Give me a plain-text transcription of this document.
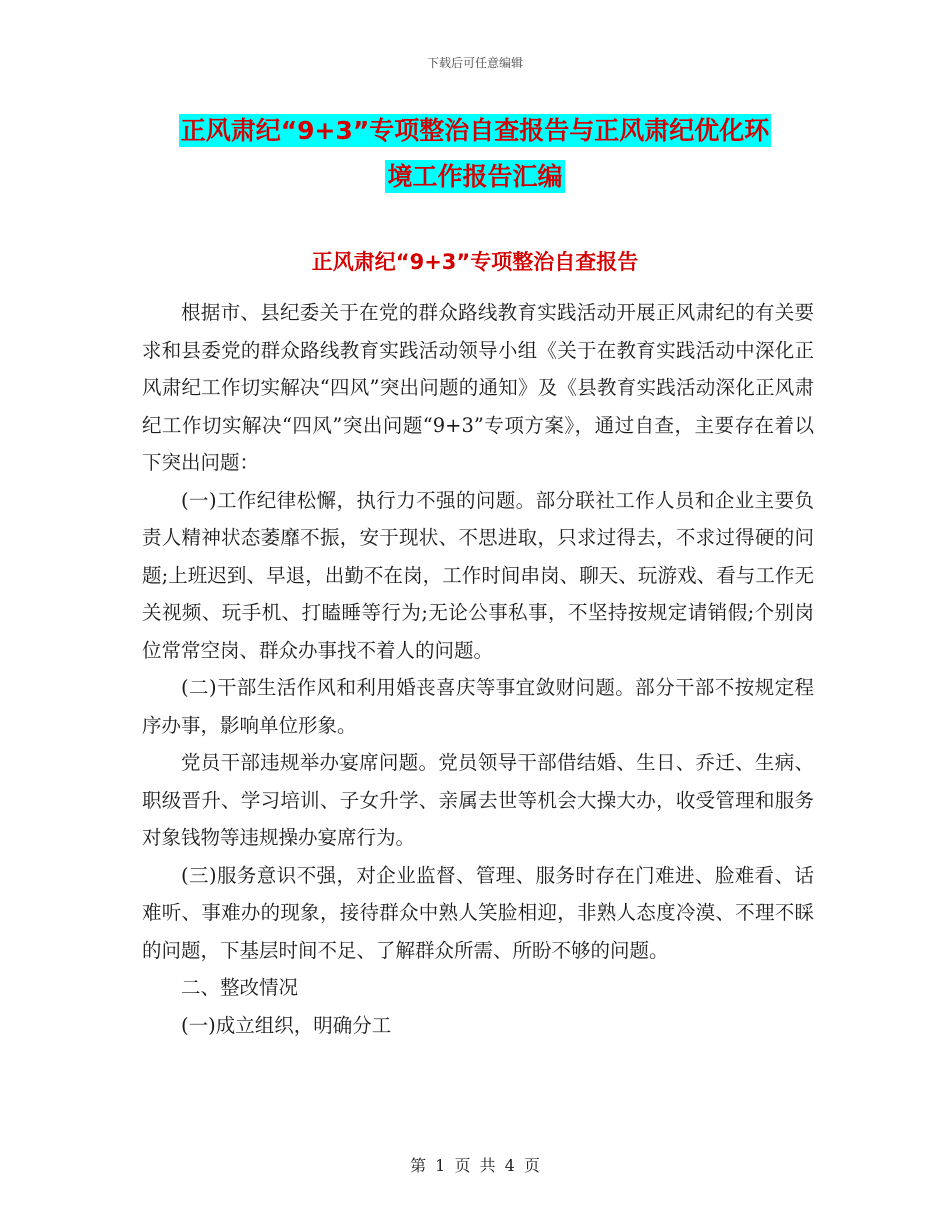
下载后可任意编辑
正风肃纪“9+3”专项整治自查报告与正风肃纪优化环
境工作报告汇编
正风肃纪“9+3”专项整治自查报告

根据市、县纪委关于在党的群众路线教育实践活动开展正风肃纪的有关要求和县委党的群众路线教育实践活动领导小组《关于在教育实践活动中深化正风肃纪工作切实解决“四风”突出问题的通知》及《县教育实践活动深化正风肃纪工作切实解决“四风”突出问题“9+3”专项方案》，通过自查，主要存在着以下突出问题：

(一)工作纪律松懈，执行力不强的问题。部分联社工作人员和企业主要负责人精神状态萎靡不振，安于现状、不思进取，只求过得去，不求过得硬的问题;上班迟到、早退，出勤不在岗，工作时间串岗、聊天、玩游戏、看与工作无关视频、玩手机、打瞌睡等行为;无论公事私事，不坚持按规定请销假;个别岗位常常空岗、群众办事找不着人的问题。

(二)干部生活作风和利用婚丧喜庆等事宜敛财问题。部分干部不按规定程序办事，影响单位形象。

党员干部违规举办宴席问题。党员领导干部借结婚、生日、乔迁、生病、职级晋升、学习培训、子女升学、亲属去世等机会大操大办，收受管理和服务对象钱物等违规操办宴席行为。

(三)服务意识不强，对企业监督、管理、服务时存在门难进、脸难看、话难听、事难办的现象，接待群众中熟人笑脸相迎，非熟人态度冷漠、不理不睬的问题，下基层时间不足、了解群众所需、所盼不够的问题。

二、整改情况

(一)成立组织，明确分工

第 1 页 共 4 页
